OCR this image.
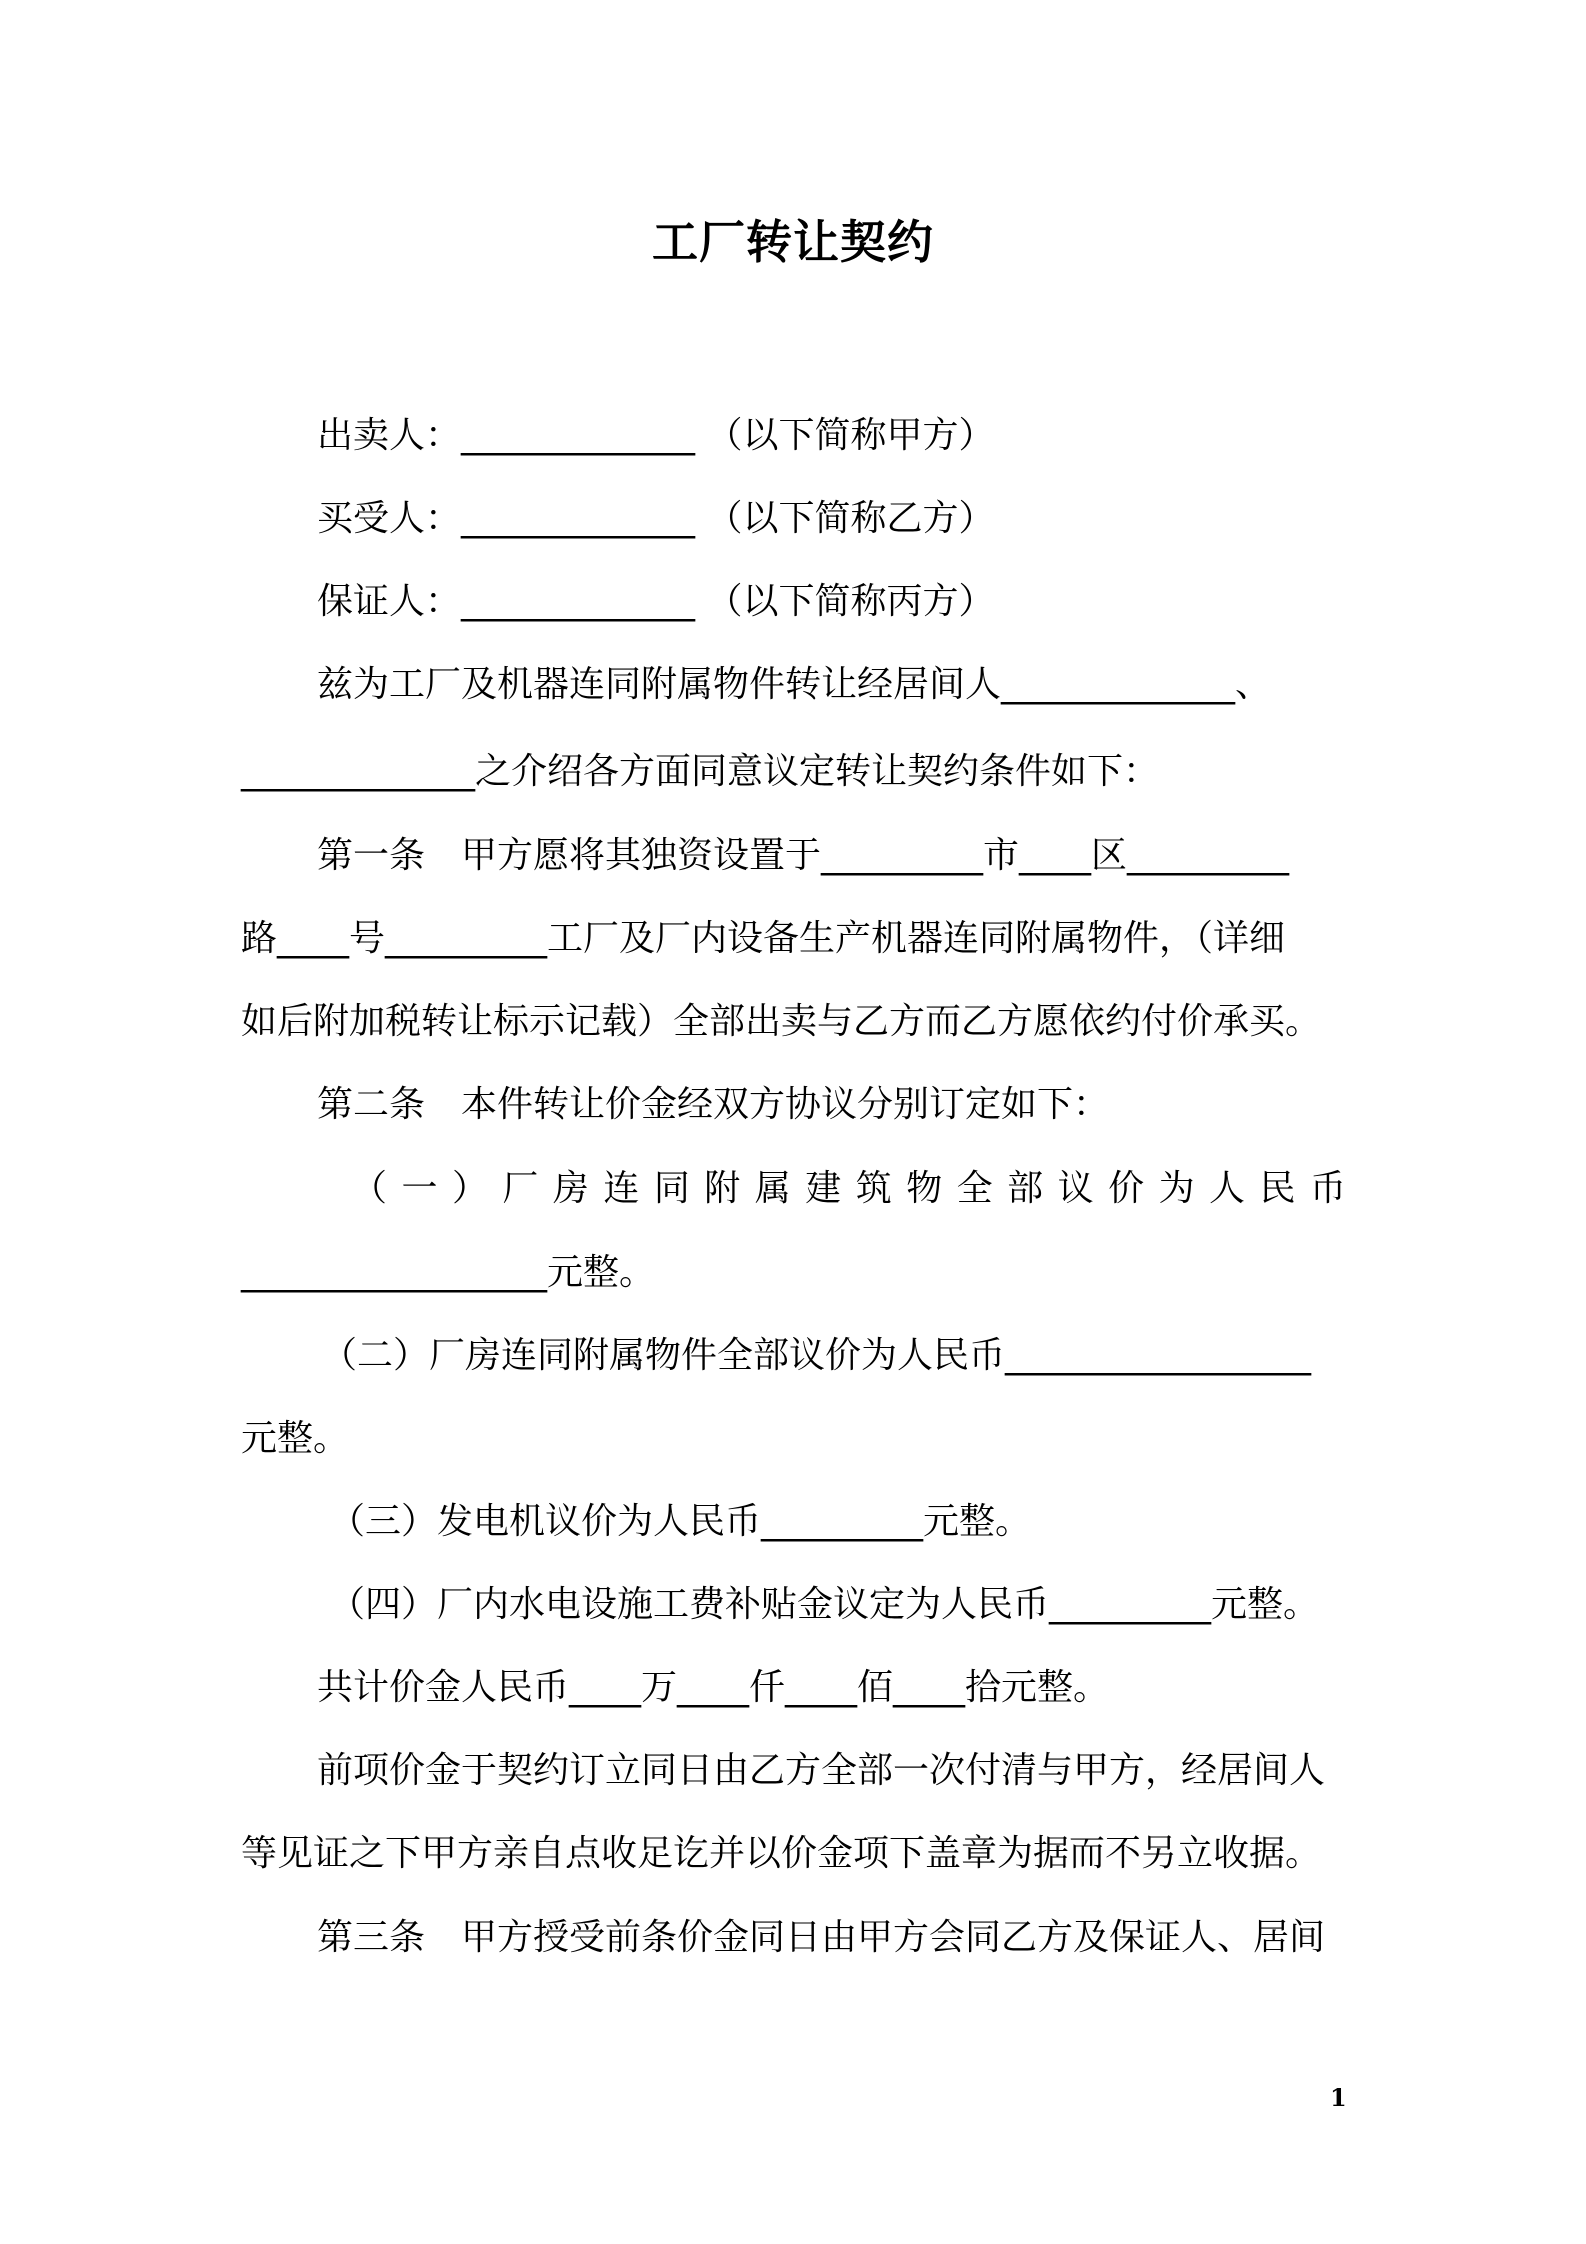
工厂转让契约
出卖人：_____________ （以下简称甲方）
买受人：_____________ （以下简称乙方）
保证人：_____________ （以下简称丙方）
兹为工厂及机器连同附属物件转让经居间人_____________、
_____________之介绍各方面同意议定转让契约条件如下：
第一条　甲方愿将其独资设置于_________市____区_________
路____号_________工厂及厂内设备生产机器连同附属物件，（详细
如后附加税转让标示记载）全部出卖与乙方而乙方愿依约付价承买。
第二条　本件转让价金经双方协议分别订定如下：
（一）厂房连同附属建筑物全部议价为人民币
_________________元整。
（二）厂房连同附属物件全部议价为人民币_________________
元整。
（三）发电机议价为人民币_________元整。
（四）厂内水电设施工费补贴金议定为人民币_________元整。
共计价金人民币____万____仟____佰____拾元整。
前项价金于契约订立同日由乙方全部一次付清与甲方，经居间人
等见证之下甲方亲自点收足讫并以价金项下盖章为据而不另立收据。
第三条　甲方授受前条价金同日由甲方会同乙方及保证人、居间
1
